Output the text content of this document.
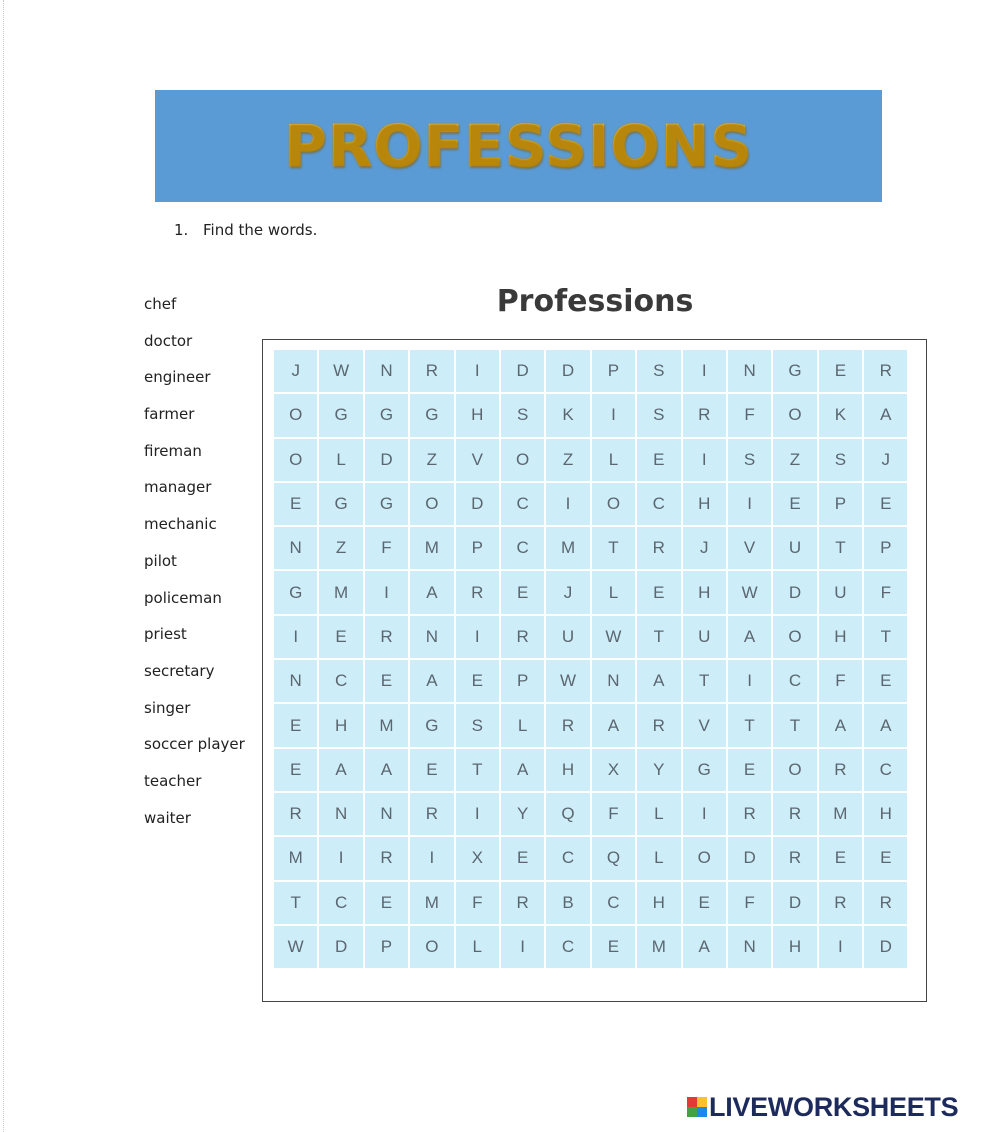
PROFESSIONS
1. Find the words.
chef
doctor
engineer
farmer
fireman
manager
mechanic
pilot
policeman
priest
secretary
singer
soccer player
teacher
waiter
Professions
J	W	N	R	I	D	D	P	S	I	N	G	E	R
O	G	G	G	H	S	K	I	S	R	F	O	K	A
O	L	D	Z	V	O	Z	L	E	I	S	Z	S	J
E	G	G	O	D	C	I	O	C	H	I	E	P	E
N	Z	F	M	P	C	M	T	R	J	V	U	T	P
G	M	I	A	R	E	J	L	E	H	W	D	U	F
I	E	R	N	I	R	U	W	T	U	A	O	H	T
N	C	E	A	E	P	W	N	A	T	I	C	F	E
E	H	M	G	S	L	R	A	R	V	T	T	A	A
E	A	A	E	T	A	H	X	Y	G	E	O	R	C
R	N	N	R	I	Y	Q	F	L	I	R	R	M	H
M	I	R	I	X	E	C	Q	L	O	D	R	E	E
T	C	E	M	F	R	B	C	H	E	F	D	R	R
W	D	P	O	L	I	C	E	M	A	N	H	I	D
LIVEWORKSHEETS
